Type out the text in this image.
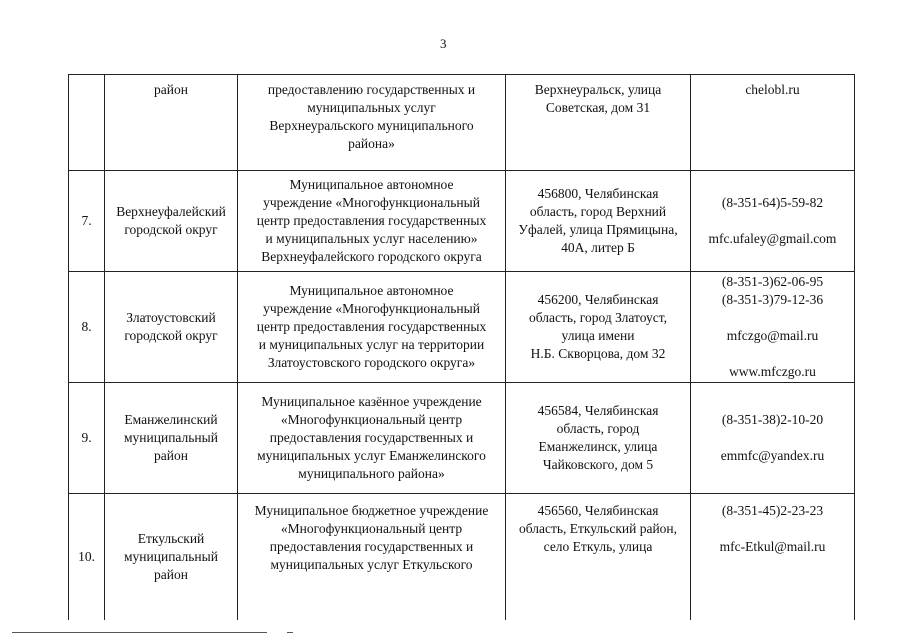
3

	район	предоставлению государственных и
муниципальных услуг
Верхнеуральского муниципального
района»	Верхнеуральск, улица
Советская, дом 31	chelobl.ru

7.	Верхнеуфалейский
городской округ	Муниципальное автономное
учреждение «Многофункциональный
центр предоставления государственных
и муниципальных услуг населению»
Верхнеуфалейского городского округа	456800, Челябинская
область, город Верхний
Уфалей, улица Прямицына,
40А, литер Б	(8-351-64)5-59-82
mfc.ufaley@gmail.com

8.	Златоустовский
городской округ	Муниципальное автономное
учреждение «Многофункциональный
центр предоставления государственных
и муниципальных услуг на территории
Златоустовского городского округа»	456200, Челябинская
область, город Златоуст,
улица имени
Н.Б. Скворцова, дом 32	(8-351-3)62-06-95
(8-351-3)79-12-36
mfczgo@mail.ru
www.mfczgo.ru

9.	Еманжелинский
муниципальный
район	Муниципальное казённое учреждение
«Многофункциональный центр
предоставления государственных и
муниципальных услуг Еманжелинского
муниципального района»	456584, Челябинская
область, город
Еманжелинск, улица
Чайковского, дом 5	(8-351-38)2-10-20
emmfc@yandex.ru

10.	Еткульский
муниципальный
район	Муниципальное бюджетное учреждение
«Многофункциональный центр
предоставления государственных и
муниципальных услуг Еткульского	456560, Челябинская
область, Еткульский район,
село Еткуль, улица	(8-351-45)2-23-23
mfc-Etkul@mail.ru
